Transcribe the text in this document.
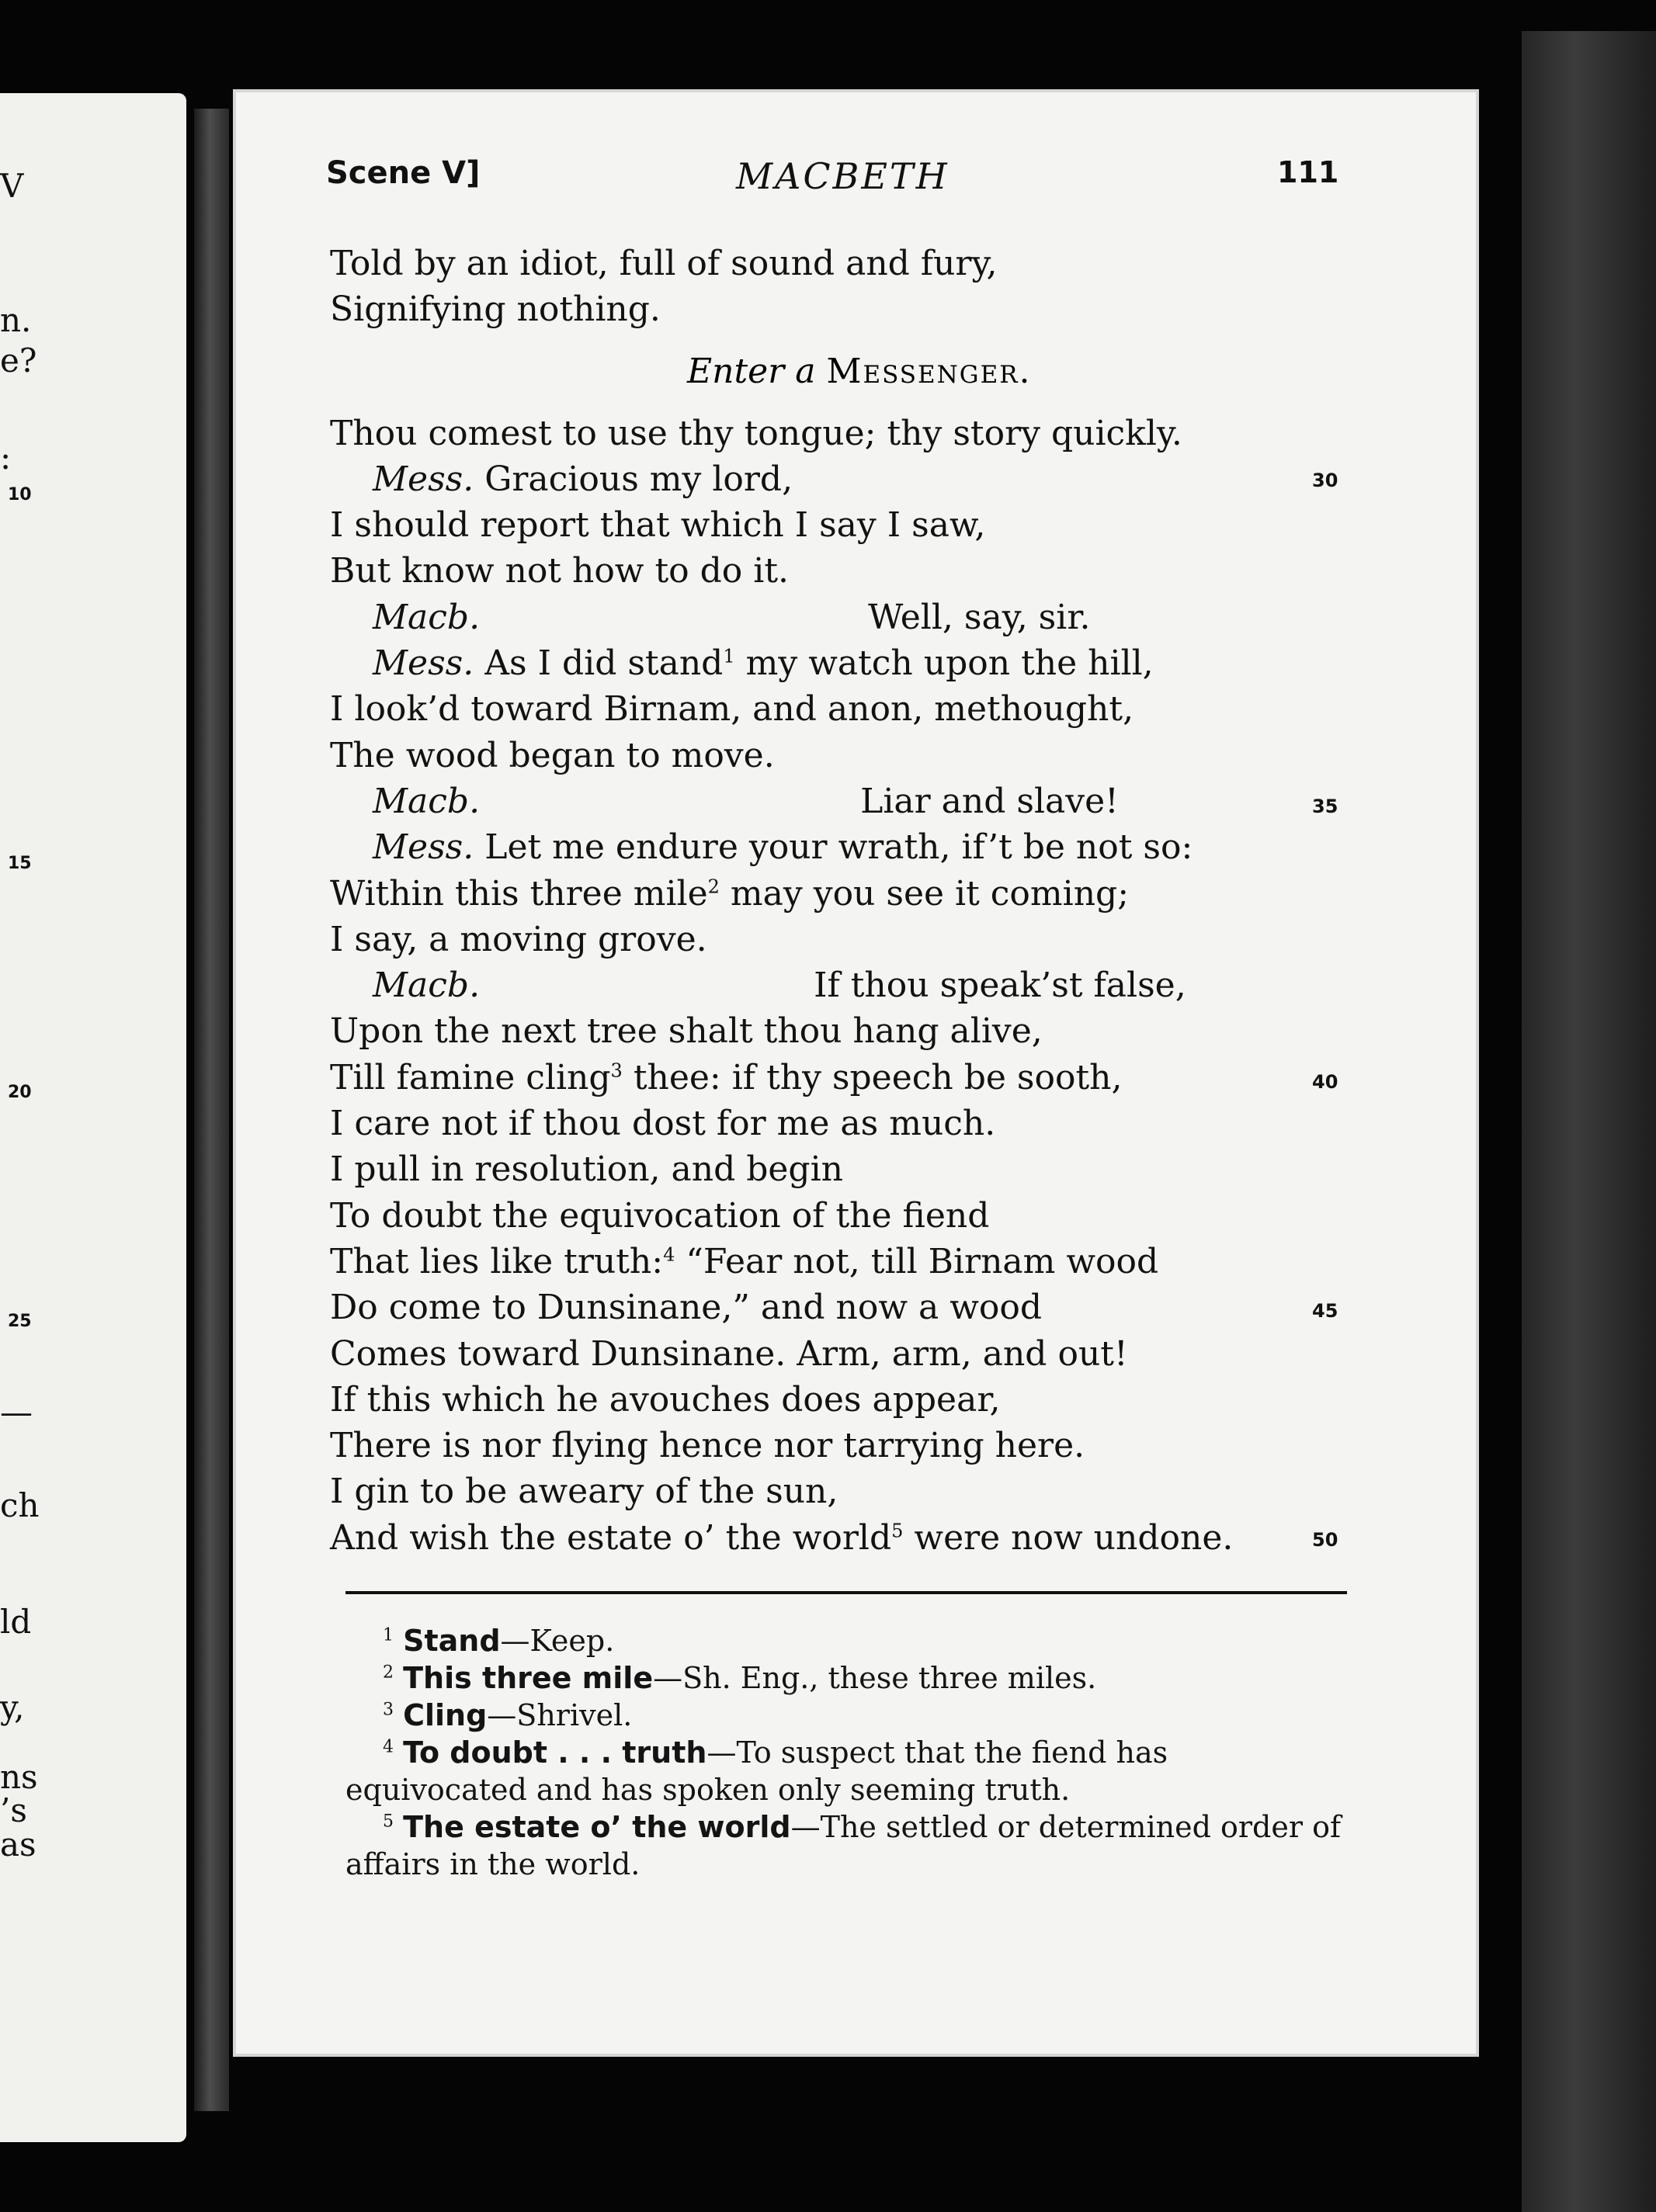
V
n.
e?
:
10
15
20
25
—
ch
ld
y,
ns
’s
as
Scene V]	MACBETH	111
Told by an idiot, full of sound and fury,
Signifying nothing.
Enter a Messenger.
Thou comest to use thy tongue; thy story quickly.
Mess. Gracious my lord,
I should report that which I say I saw,
But know not how to do it.
Macb.	Well, say, sir.
Mess. As I did stand$^1$ my watch upon the hill,
I look’d toward Birnam, and anon, methought,
The wood began to move.
Macb.	Liar and slave!
Mess. Let me endure your wrath, if’t be not so:
Within this three mile$^2$ may you see it coming;
I say, a moving grove.
Macb.	If thou speak’st false,
Upon the next tree shalt thou hang alive,
Till famine cling$^3$ thee: if thy speech be sooth,
I care not if thou dost for me as much.
I pull in resolution, and begin
To doubt the equivocation of the fiend
That lies like truth:$^4$ “Fear not, till Birnam wood
Do come to Dunsinane,” and now a wood
Comes toward Dunsinane. Arm, arm, and out!
If this which he avouches does appear,
There is nor flying hence nor tarrying here.
I gin to be aweary of the sun,
And wish the estate o’ the world$^5$ were now undone.
30
35
40
45
50
$^1$ Stand—Keep.
$^2$ This three mile—Sh. Eng., these three miles.
$^3$ Cling—Shrivel.
$^4$ To doubt . . . truth—To suspect that the fiend has equivocated and has spoken only seeming truth.
$^5$ The estate o’ the world—The settled or determined order of affairs in the world.
